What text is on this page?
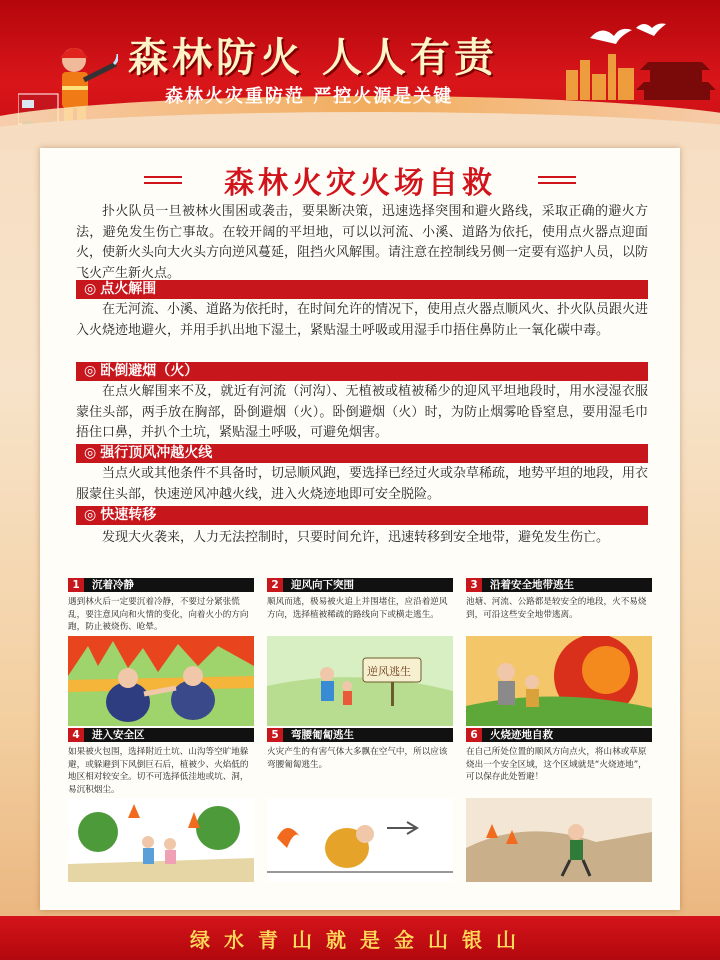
森林防火 人人有责
森林火灾重防范 严控火源是关键
森林火灾火场自救
扑火队员一旦被林火围困或袭击，要果断决策，迅速选择突围和避火路线，采取正确的避火方法，避免发生伤亡事故。在较开阔的平坦地，可以以河流、小溪、道路为依托，使用点火器点迎面火，使新火头向大火头方向逆风蔓延，阻挡火风解围。请注意在控制线另侧一定要有巡护人员，以防飞火产生新火点。
◎ 点火解围
在无河流、小溪、道路为依托时，在时间允许的情况下，使用点火器点顺风火、扑火队员跟火进入火烧迹地避火，并用手扒出地下湿土，紧贴湿土呼吸或用湿手巾捂住鼻防止一氧化碳中毒。
◎ 卧倒避烟（火）
在点火解围来不及，就近有河流（河沟）、无植被或植被稀少的迎风平坦地段时，用水浸湿衣服蒙住头部，两手放在胸部，卧倒避烟（火）。卧倒避烟（火）时，为防止烟雾呛昏窒息，要用湿毛巾捂住口鼻，并扒个土坑，紧贴湿土呼吸，可避免烟害。
◎ 强行顶风冲越火线
当点火或其他条件不具备时，切忌顺风跑，要选择已经过火或杂草稀疏，地势平坦的地段，用衣服蒙住头部，快速逆风冲越火线，进入火烧迹地即可安全脱险。
◎ 快速转移
发现大火袭来，人力无法控制时，只要时间允许，迅速转移到安全地带，避免发生伤亡。
1 沉着冷静
遇到林火后一定要沉着冷静，不要过分紧张慌乱，要注意风向和火情的变化，向着火小的方向跑，防止被烧伤、呛晕。
2 迎风向下突围
顺风而逃，极易被火追上并围堵住，应沿着逆风方向，选择植被稀疏的路线向下或横走逃生。
逆风逃生
3 沿着安全地带逃生
池塘、河流、公路都是较安全的地段，火不易烧到，可沿这些安全地带逃离。
4 进入安全区
如果被火包围，选择附近土坑、山沟等空旷地躲避，或躲避到下风倒巨石后，植被少、火焰低的地区相对较安全。切不可选择低洼地或坑、洞，易沉积烟尘。
5 弯腰匍匐逃生
火灾产生的有害气体大多飘在空气中，所以应该弯腰匍匐逃生。
6 火烧迹地自救
在自己所处位置的顺风方向点火，将山林或草原烧出一个安全区域，这个区域就是“火烧迹地”，可以保存此处暂避！
绿水青山就是金山银山
